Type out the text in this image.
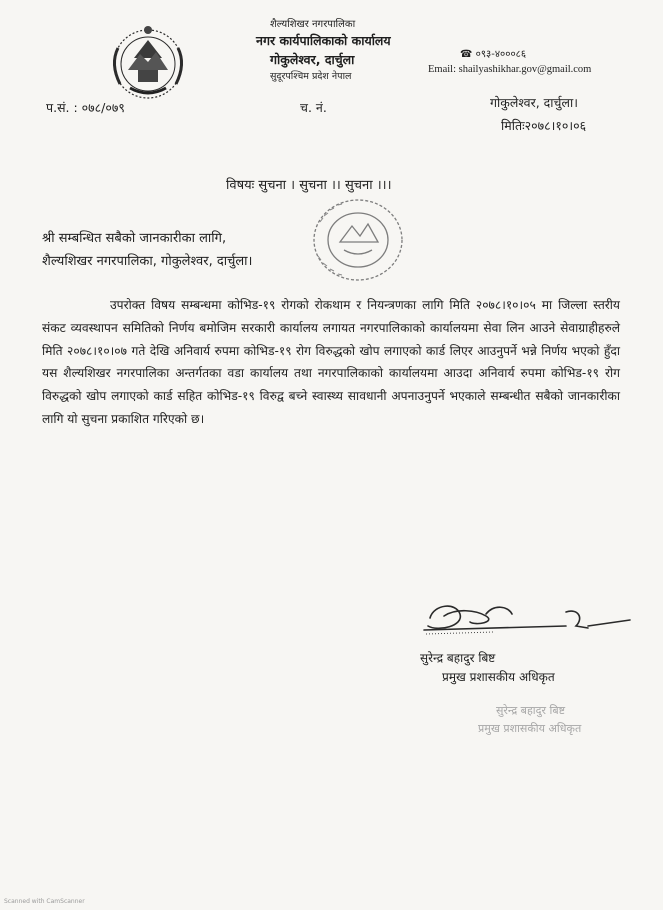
शैल्यशिखर नगरपालिका
नगर कार्यपालिकाको कार्यालय
गोकुलेश्वर, दार्चुला
सुदूरपश्चिम प्रदेश नेपाल
☎ ०९३-४०००८६
Email: shailyashikhar.gov@gmail.com
प.सं. : ०७८/०७९	च. नं.	गोकुलेश्वर, दार्चुला।
मितिः२०७८।१०।०६
विषयः सुचना । सुचना ।। सुचना ।।।
श्री सम्बन्धित सबैको जानकारीका लागि,
शैल्यशिखर नगरपालिका, गोकुलेश्वर, दार्चुला।
उपरोक्त विषय सम्बन्धमा कोभिड-१९ रोगको रोकथाम र नियन्त्रणका लागि मिति २०७८।१०।०५ मा जिल्ला स्तरीय संकट व्यवस्थापन समितिको निर्णय बमोजिम सरकारी कार्यालय लगायत नगरपालिकाको कार्यालयमा सेवा लिन आउने सेवाग्राहीहरुले मिति २०७८।१०।०७ गते देखि अनिवार्य रुपमा कोभिड-१९ रोग विरुद्धको खोप लगाएको कार्ड लिएर आउनुपर्ने भन्ने निर्णय भएको हुँदा यस शैल्यशिखर नगरपालिका अन्तर्गतका वडा कार्यालय तथा नगरपालिकाको कार्यालयमा आउदा अनिवार्य रुपमा कोभिड-१९ रोग विरुद्धको खोप लगाएको कार्ड सहित कोभिड-१९ विरुद्व बच्ने स्वास्थ्य सावधानी अपनाउनुपर्ने भएकाले सम्बन्धीत सबैको जानकारीका लागि यो सुचना प्रकाशित गरिएको छ।
सुरेन्द्र बहादुर बिष्ट
प्रमुख प्रशासकीय अधिकृत
सुरेन्द्र बहादुर बिष्ट
प्रमुख प्रशासकीय अधिकृत
Scanned with CamScanner
